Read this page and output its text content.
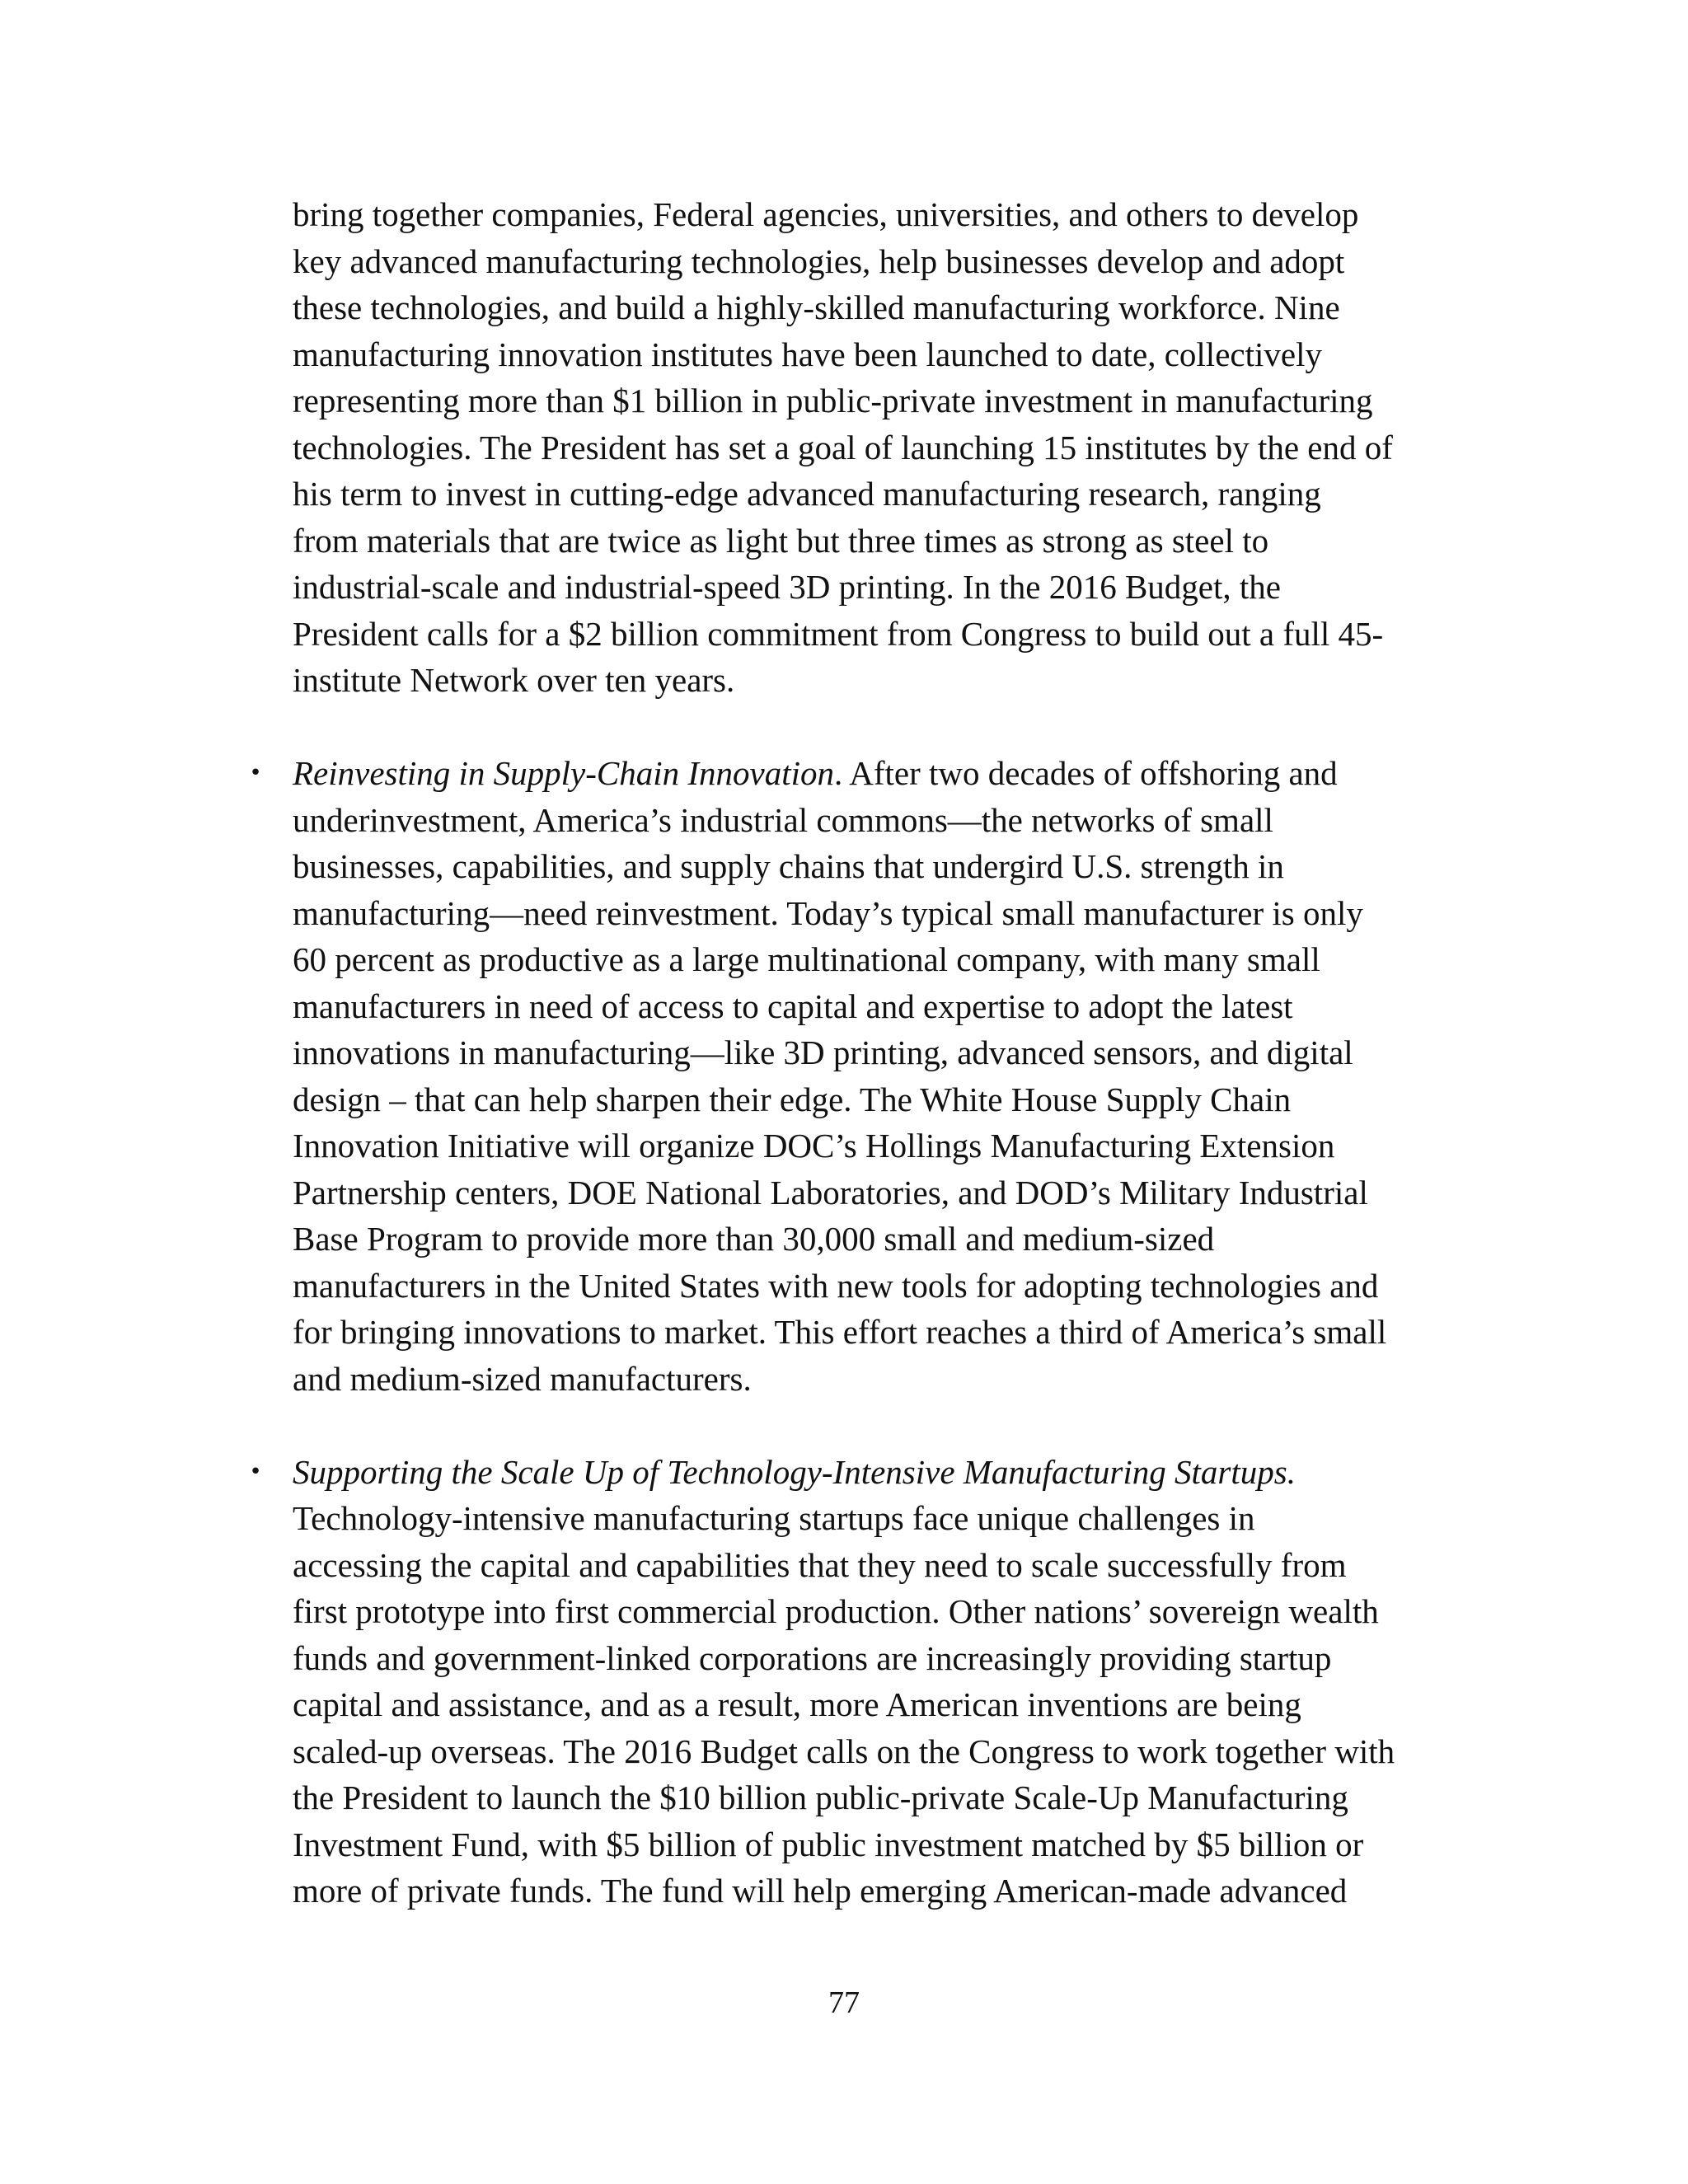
bring together companies, Federal agencies, universities, and others to develop
key advanced manufacturing technologies, help businesses develop and adopt
these technologies, and build a highly-skilled manufacturing workforce. Nine
manufacturing innovation institutes have been launched to date, collectively
representing more than $1 billion in public-private investment in manufacturing
technologies. The President has set a goal of launching 15 institutes by the end of
his term to invest in cutting-edge advanced manufacturing research, ranging
from materials that are twice as light but three times as strong as steel to
industrial-scale and industrial-speed 3D printing. In the 2016 Budget, the
President calls for a $2 billion commitment from Congress to build out a full 45-
institute Network over ten years.

• Reinvesting in Supply-Chain Innovation. After two decades of offshoring and
underinvestment, America’s industrial commons—the networks of small
businesses, capabilities, and supply chains that undergird U.S. strength in
manufacturing—need reinvestment. Today’s typical small manufacturer is only
60 percent as productive as a large multinational company, with many small
manufacturers in need of access to capital and expertise to adopt the latest
innovations in manufacturing—like 3D printing, advanced sensors, and digital
design – that can help sharpen their edge. The White House Supply Chain
Innovation Initiative will organize DOC’s Hollings Manufacturing Extension
Partnership centers, DOE National Laboratories, and DOD’s Military Industrial
Base Program to provide more than 30,000 small and medium-sized
manufacturers in the United States with new tools for adopting technologies and
for bringing innovations to market. This effort reaches a third of America’s small
and medium-sized manufacturers.

• Supporting the Scale Up of Technology-Intensive Manufacturing Startups.
Technology-intensive manufacturing startups face unique challenges in
accessing the capital and capabilities that they need to scale successfully from
first prototype into first commercial production. Other nations’ sovereign wealth
funds and government-linked corporations are increasingly providing startup
capital and assistance, and as a result, more American inventions are being
scaled-up overseas. The 2016 Budget calls on the Congress to work together with
the President to launch the $10 billion public-private Scale-Up Manufacturing
Investment Fund, with $5 billion of public investment matched by $5 billion or
more of private funds. The fund will help emerging American-made advanced

77
